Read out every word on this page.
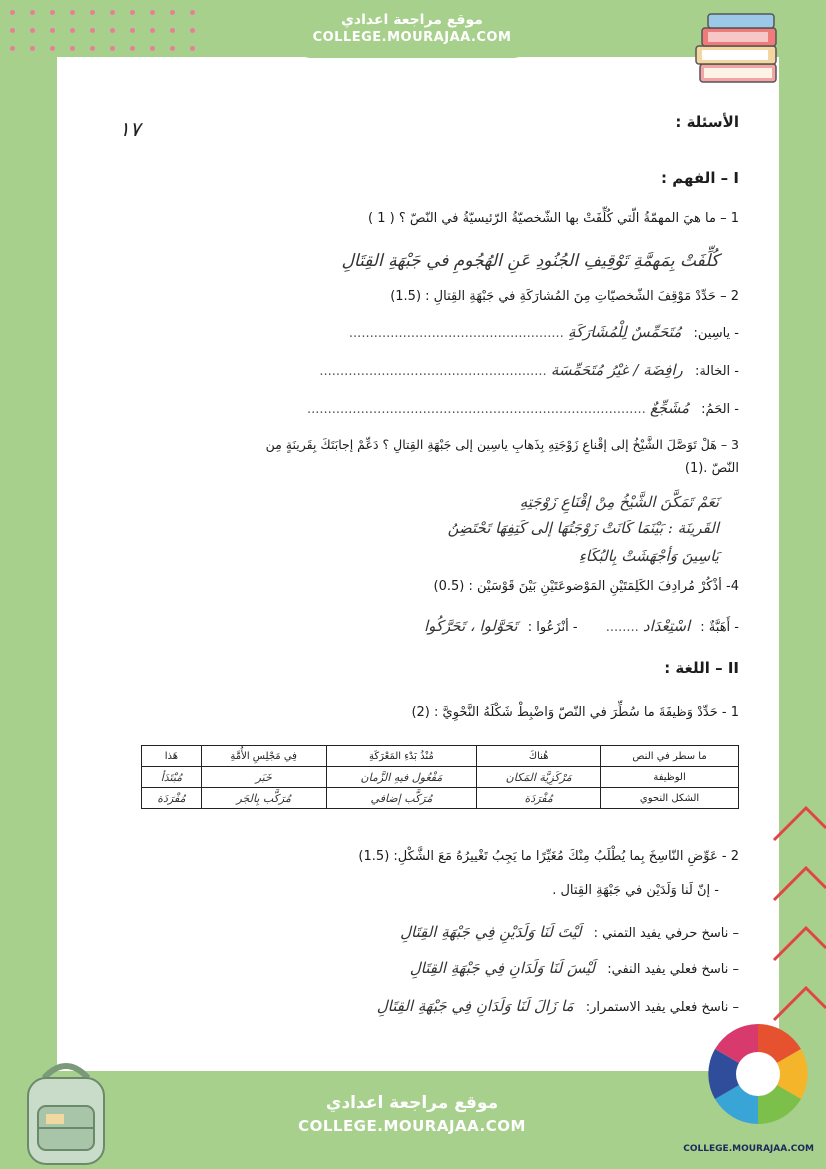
موقع مراجعة اعدادي
COLLEGE.MOURAJAA.COM
١٧	الأسئلة :
I – الفهم :
1 – ما هيَ المهمّةُ الّتي كُلِّفَتْ بها الشّخصيّةُ الرّئيسيّةُ في النّصّ ؟ ( 1 )
كُلِّفَتْ بِمَهمَّةِ تَوْقِيفِ الجُنُودِ عَنِ الهُجُومِ في جَبْهَةِ القِتَالِ
2 – حَدِّدْ مَوْقِفَ الشّخصيّاتِ مِنَ المُشارَكَةِ في جَبْهَةِ القِتالِ : (1.5)
- ياسِين: مُتَحَمِّسٌ لِلْمُشَارَكَةِ ....................................................
- الخالة: رافِضَة / غيْرُ مُتَحَمِّسَة .......................................................
- الحَمُ: مُشَجِّعٌ ..................................................................................
3 – هَلْ تَوَصَّلَ الشَّيْخُ إلى إقْناعِ زَوْجَتِهِ بِذَهابِ ياسِين إلى جَبْهَةِ القِتالِ ؟ دَعِّمْ إجابَتَكَ بِقَرينَةٍ مِن
النّصّ .(1)
نَعَمْ تَمَكَّنَ الشَّيْخُ مِنْ إقْنَاعِ زَوْجَتِهِ
القَرينَة : بَيْنَمَا كَانَتْ زَوْجَتُهَا إلى كَتِفِهَا تَحْتَضِنُ
يَاسِينَ وَأجْهَشَتْ بِالبُكَاءِ
4- أذْكُرْ مُرادِفَ الكَلِمَتَيْنِ المَوْضوعَتَيْنِ بَيْنَ قَوْسَيْن : (0.5)
- أَهَبَّةٌ : اسْتِعْدَاد ........ - أنْزَعُوا : تَحَوَّلوا ، تَحَرَّكُوا
II – اللغة :
1 - حَدِّدْ وَظيفَةَ ما سُطِّرَ في النّصّ وَاضْبِطْ شَكْلَهُ النَّحْوِيَّ : (2)
ما سطر في النص	هُناكَ	مُنْذُ بَدْءِ المَعْرَكَةِ	فِي مَجْلِسِ الأُمَّةِ	هَذا
الوظيفة	مَرْكَزِيَّة المَكان	مَفْعُول فيهِ الزَّمان	خَبَر	مُبْتَدَأ
الشكل النحوي	مُفْرَدَة	مُرَكَّب إضافي	مُرَكَّب بِالجَر	مُفْرَدَة
2 - عَوِّضِ النّاسِخَ بِما يُطْلَبُ مِنْكَ مُغَيِّرًا ما يَجِبُ تَغْييرُهُ مَعَ الشَّكْلِ: (1.5)
- إنّ لَنا وَلَدَيْن في جَبْهَةِ القِتال .
– ناسخ حرفي يفيد التمني : لَيْتَ لَنَا وَلَدَيْنِ فِي جَبْهَةِ القِتَالِ
– ناسخ فعلي يفيد النفي: لَيْسَ لَنَا وَلَدَانِ فِي جَبْهَةِ القِتَالِ
– ناسخ فعلي يفيد الاستمرار: مَا زَالَ لَنَا وَلَدَانِ فِي جَبْهَةِ القِتَالِ
موقع مراجعة اعدادي
COLLEGE.MOURAJAA.COM
COLLEGE.MOURAJAA.COM
